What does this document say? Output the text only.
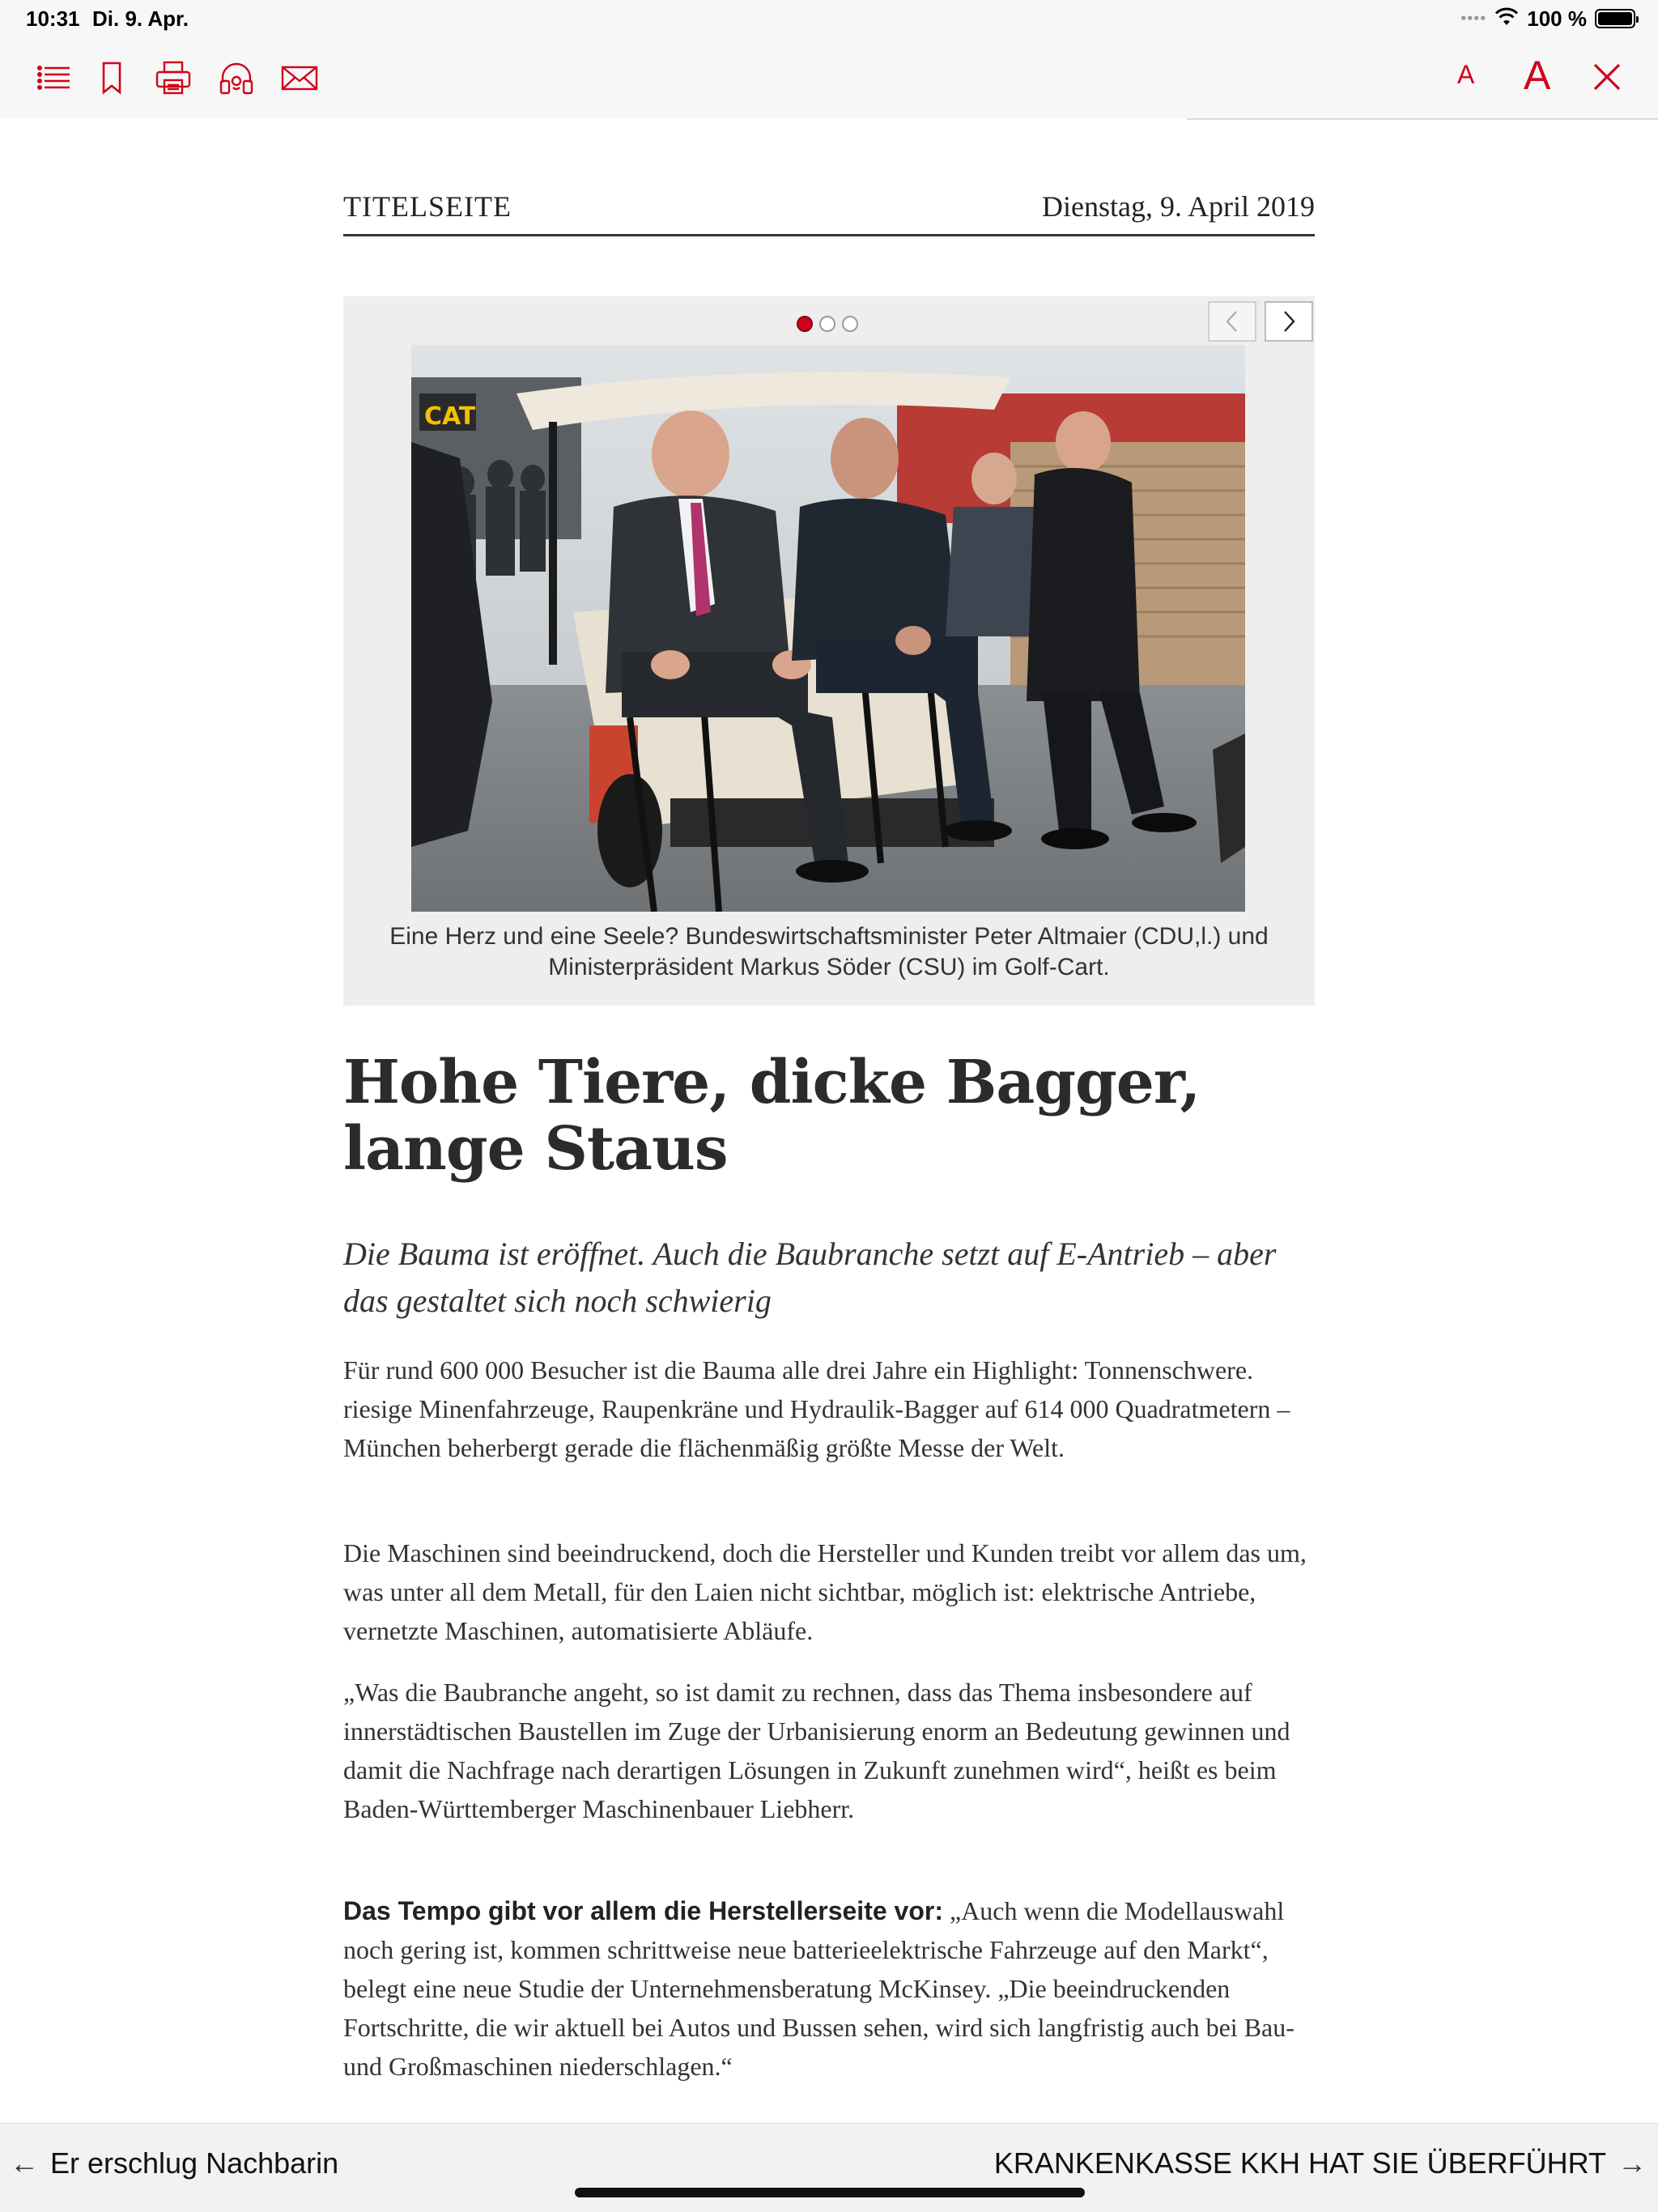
10:31 Di. 9. Apr.	•••• 100 %
A A
TITELSEITE	Dienstag, 9. April 2019
CAT
Eine Herz und eine Seele? Bundeswirtschaftsminister Peter Altmaier (CDU,l.) und Ministerpräsident Markus Söder (CSU) im Golf-Cart.
Hohe Tiere, dicke Bagger, lange Staus

Die Bauma ist eröffnet. Auch die Baubranche setzt auf E-Antrieb – aber das gestaltet sich noch schwierig

Für rund 600 000 Besucher ist die Bauma alle drei Jahre ein Highlight: Tonnenschwere. riesige Minenfahrzeuge, Raupenkräne und Hydraulik-Bagger auf 614 000 Quadratmetern – München beherbergt gerade die flächenmäßig größte Messe der Welt.

Die Maschinen sind beeindruckend, doch die Hersteller und Kunden treibt vor allem das um, was unter all dem Metall, für den Laien nicht sichtbar, möglich ist: elektrische Antriebe, vernetzte Maschinen, automatisierte Abläufe.

„Was die Baubranche angeht, so ist damit zu rechnen, dass das Thema insbesondere auf innerstädtischen Baustellen im Zuge der Urbanisierung enorm an Bedeutung gewinnen und damit die Nachfrage nach derartigen Lösungen in Zukunft zunehmen wird“, heißt es beim Baden-Württemberger Maschinenbauer Liebherr.

Das Tempo gibt vor allem die Herstellerseite vor: „Auch wenn die Modellauswahl noch gering ist, kommen schrittweise neue batterieelektrische Fahrzeuge auf den Markt“, belegt eine neue Studie der Unternehmensberatung McKinsey. „Die beeindruckenden Fortschritte, die wir aktuell bei Autos und Bussen sehen, wird sich langfristig auch bei Bau- und Großmaschinen niederschlagen.“

← Er erschlug Nachbarin	KRANKENKASSE KKH HAT SIE ÜBERFÜHRT →
